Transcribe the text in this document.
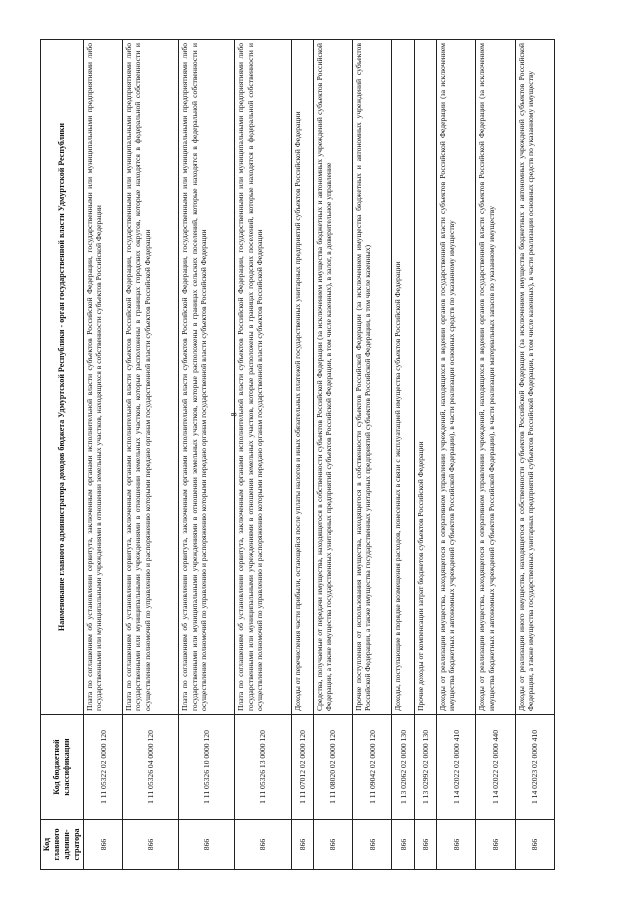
8
Код главного админи-стратора	Код бюджетной классификации	Наименование главного администратора доходов бюджета Удмуртской Республики - орган государственной власти Удмуртской Республики
866	1 11 05322 02 0000 120	Плата по соглашениям об установлении сервитута, заключенным органами исполнительной власти субъектов Российской Федерации, государственными или муниципальными предприятиями либо государственными или муниципальными учреждениями в отношении земельных участков, находящихся в собственности субъектов Российской Федерации
866	1 11 05326 04 0000 120	Плата по соглашениям об установлении сервитута, заключенным органами исполнительной власти субъектов Российской Федерации, государственными или муниципальными предприятиями либо государственными или муниципальными учреждениями в отношении земельных участков, которые расположены в границах городских округов, которые находятся в федеральной собственности и осуществление полномочий по управлению и распоряжению которыми передано органам государственной власти субъектов Российской Федерации
866	1 11 05326 10 0000 120	Плата по соглашениям об установлении сервитута, заключенным органами исполнительной власти субъектов Российской Федерации, государственными или муниципальными предприятиями либо государственными или муниципальными учреждениями в отношении земельных участков, которые расположены в границах сельских поселений, которые находятся в федеральной собственности и осуществление полномочий по управлению и распоряжению которыми передано органам государственной власти субъектов Российской Федерации
866	1 11 05326 13 0000 120	Плата по соглашениям об установлении сервитута, заключенным органами исполнительной власти субъектов Российской Федерации, государственными или муниципальными предприятиями либо государственными или муниципальными учреждениями в отношении земельных участков, которые расположены в границах городских поселений, которые находятся в федеральной собственности и осуществление полномочий по управлению и распоряжению которыми передано органам государственной власти субъектов Российской Федерации
866	1 11 07012 02 0000 120	Доходы от перечисления части прибыли, остающейся после уплаты налогов и иных обязательных платежей государственных унитарных предприятий субъектов Российской Федерации
866	1 11 08020 02 0000 120	Средства, получаемые от передачи имущества, находящегося в собственности субъектов Российской Федерации (за исключением имущества бюджетных и автономных учреждений субъектов Российской Федерации, а также имущества государственных унитарных предприятий субъектов Российской Федерации, в том числе казенных), в залог, в доверительное управление
866	1 11 09042 02 0000 120	Прочие поступления от использования имущества, находящегося в собственности субъектов Российской Федерации (за исключением имущества бюджетных и автономных учреждений субъектов Российской Федерации, а также имущества государственных унитарных предприятий субъектов Российской Федерации, в том числе казенных)
866	1 13 02062 02 0000 130	Доходы, поступающие в порядке возмещения расходов, понесенных в связи с эксплуатацией имущества субъектов Российской Федерации
866	1 13 02992 02 0000 130	Прочие доходы от компенсации затрат бюджетов субъектов Российской Федерации
866	1 14 02022 02 0000 410	Доходы от реализации имущества, находящегося в оперативном управлении учреждений, находящихся в ведении органов государственной власти субъектов Российской Федерации (за исключением имущества бюджетных и автономных учреждений субъектов Российской Федерации), в части реализации основных средств по указанному имуществу
866	1 14 02022 02 0000 440	Доходы от реализации имущества, находящегося в оперативном управлении учреждений, находящихся в ведении органов государственной власти субъектов Российской Федерации (за исключением имущества бюджетных и автономных учреждений субъектов Российской Федерации), в части реализации материальных запасов по указанному имуществу
866	1 14 02023 02 0000 410	Доходы от реализации иного имущества, находящегося в собственности субъектов Российской Федерации (за исключением имущества бюджетных и автономных учреждений субъектов Российской Федерации, а также имущества государственных унитарных предприятий субъектов Российской Федерации, в том числе казенных), в части реализации основных средств по указанному имуществу
